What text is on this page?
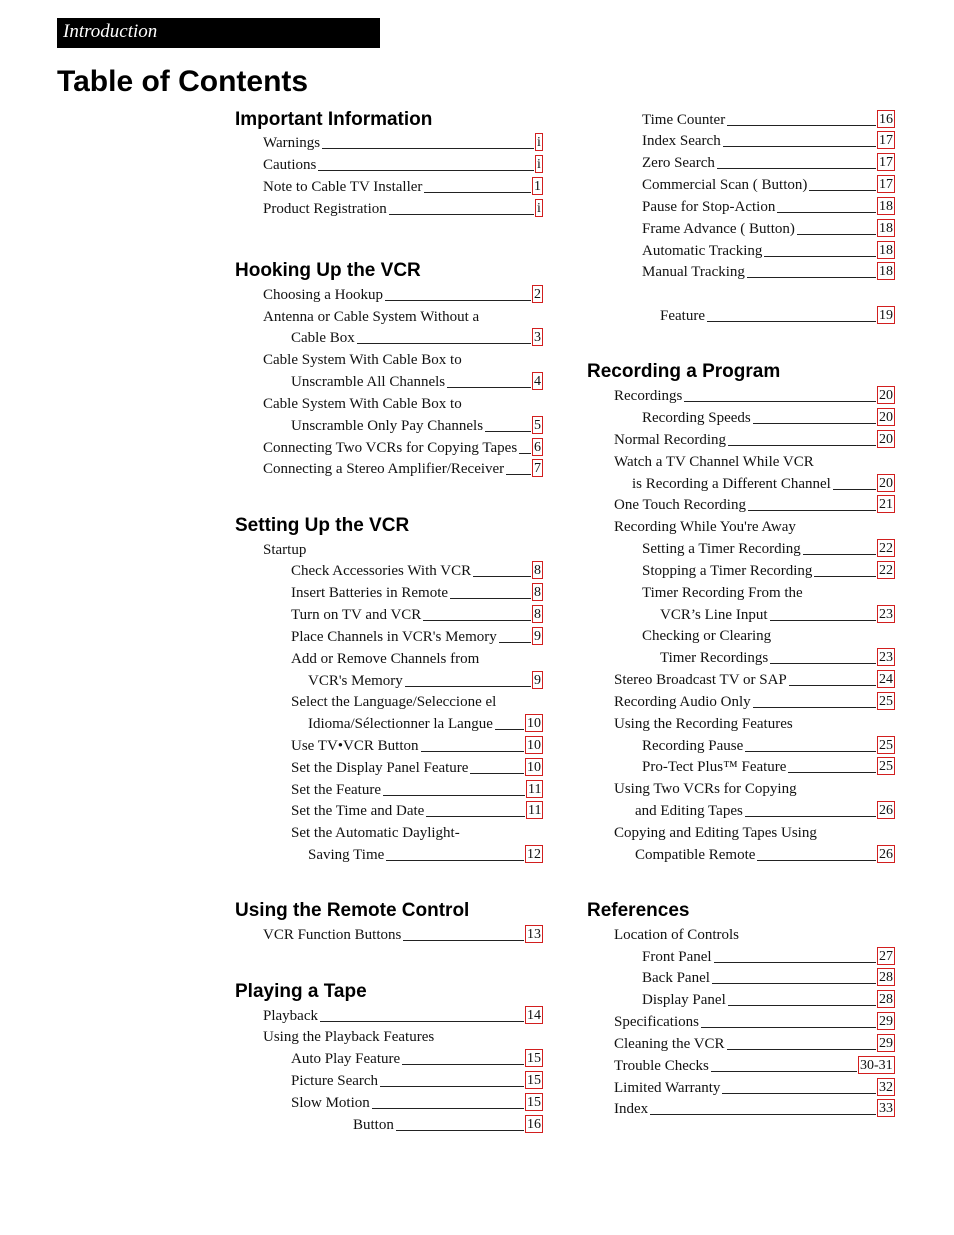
Introduction
Table of Contents
Important Information
Warnings	i
Cautions	i
Note to Cable TV Installer	1
Product Registration	i
Hooking Up the VCR
Choosing a Hookup	2
Antenna or Cable System Without a
Cable Box	3
Cable System With Cable Box to
Unscramble All Channels	4
Cable System With Cable Box to
Unscramble Only Pay Channels	5
Connecting Two VCRs for Copying Tapes 6
Connecting a Stereo Amplifier/Receiver 7
Setting Up the VCR
Startup
Check Accessories With VCR	8
Insert Batteries in Remote	8
Turn on TV and VCR	8
Place Channels in VCR's Memory	9
Add or Remove Channels from
VCR's Memory	9
Select the Language/Seleccione el
Idioma/Sélectionner la Langue 10
Use TV•VCR Button	10
Set the Display Panel Feature	10
Set the Feature	11
Set the Time and Date	11
Set the Automatic Daylight-
Saving Time	12
Using the Remote Control
VCR Function Buttons	13
Playing a Tape
Playback	14
Using the Playback Features
Auto Play Feature	15
Picture Search	15
Slow Motion	15
Button	16
Time Counter	16
Index Search	17
Zero Search	17
Commercial Scan ( Button)	17
Pause for Stop-Action	18
Frame Advance ( Button)	18
Automatic Tracking	18
Manual Tracking	18
Feature	19
Recording a Program
Recordings	20
Recording Speeds	20
Normal Recording	20
Watch a TV Channel While VCR
is Recording a Different Channel	20
One Touch Recording	21
Recording While You're Away
Setting a Timer Recording	22
Stopping a Timer Recording	22
Timer Recording From the
VCR’s Line Input	23
Checking or Clearing
Timer Recordings	23
Stereo Broadcast TV or SAP	24
Recording Audio Only	25
Using the Recording Features
Recording Pause	25
Pro-Tect Plus™ Feature	25
Using Two VCRs for Copying
and Editing Tapes	26
Copying and Editing Tapes Using
Compatible Remote	26
References
Location of Controls
Front Panel	27
Back Panel	28
Display Panel	28
Specifications	29
Cleaning the VCR	29
Trouble Checks	30-31
Limited Warranty	32
Index	33
